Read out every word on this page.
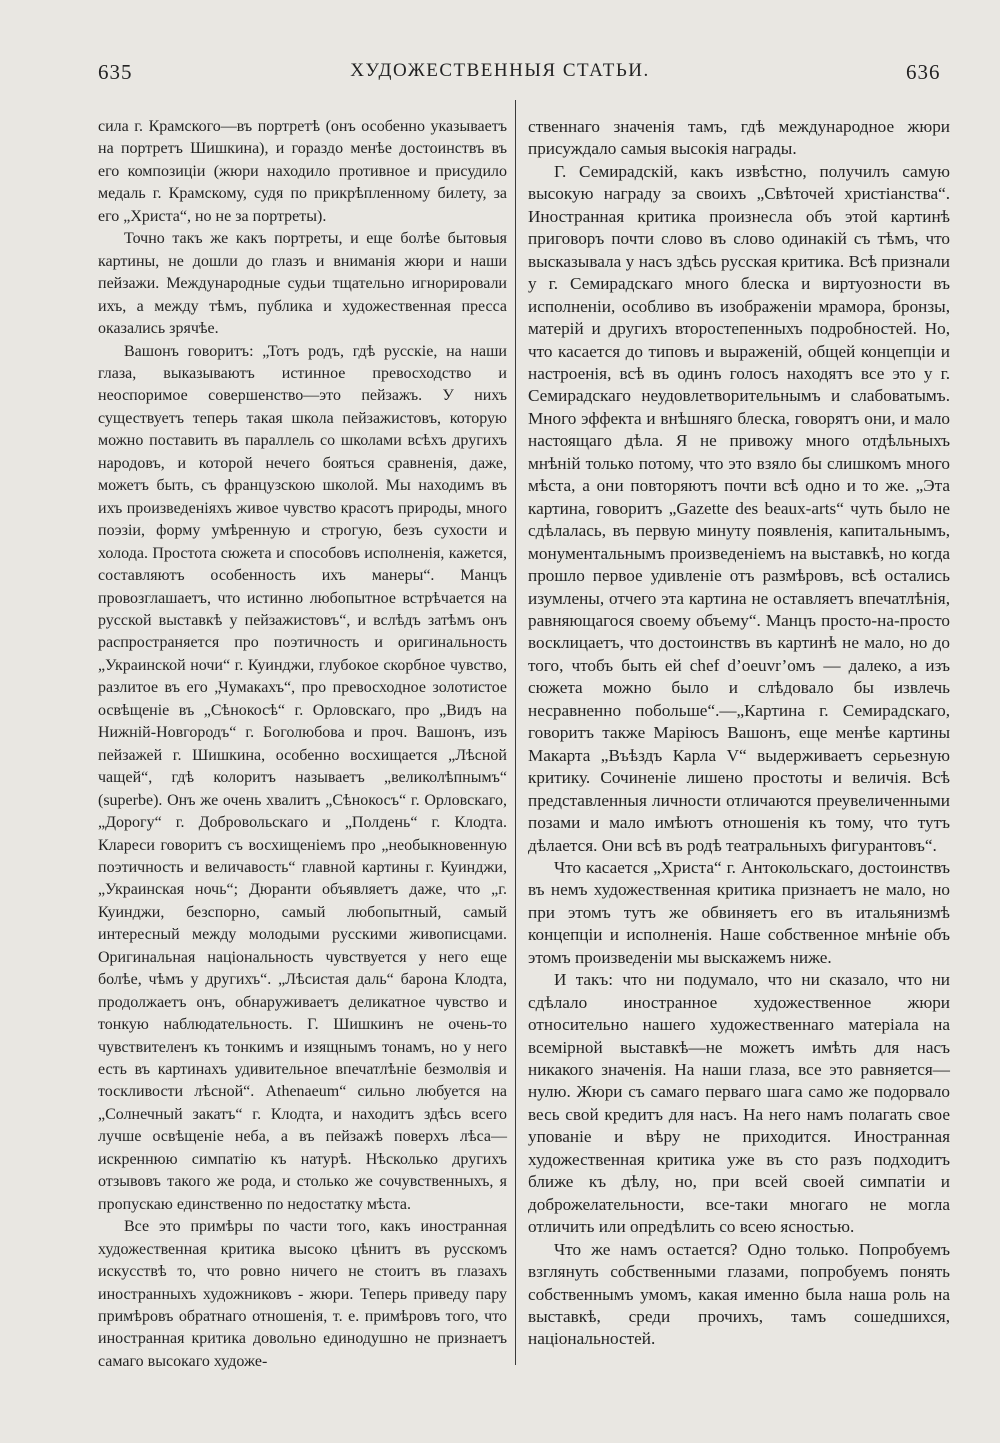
635	ХУДОЖЕСТВЕННЫЯ СТАТЬИ.	636

сила г. Крамского—въ портретѣ (онъ особенно указываетъ на портретъ Шишкина), и гораздо менѣе достоинствъ въ его композиціи (жюри находило противное и присудило медаль г. Крамскому, судя по прикрѣпленному билету, за его „Христа“, но не за портреты).

Точно такъ же какъ портреты, и еще болѣе бытовыя картины, не дошли до глазъ и вниманія жюри и наши пейзажи. Международные судьи тщательно игнорировали ихъ, а между тѣмъ, публика и художественная пресса оказались зрячѣе.

Вашонъ говоритъ: „Тотъ родъ, гдѣ русскіе, на наши глаза, выказываютъ истинное превосходство и неоспоримое совершенство—это пейзажъ. У нихъ существуетъ теперь такая школа пейзажистовъ, которую можно поставить въ параллель со школами всѣхъ другихъ народовъ, и которой нечего бояться сравненія, даже, можетъ быть, съ французскою школой. Мы находимъ въ ихъ произведеніяхъ живое чувство красотъ природы, много поэзіи, форму умѣренную и строгую, безъ сухости и холода. Простота сюжета и способовъ исполненія, кажется, составляютъ особенность ихъ манеры“. Манцъ провозглашаетъ, что истинно любопытное встрѣчается на русской выставкѣ у пейзажистовъ“, и вслѣдъ затѣмъ онъ распространяется про поэтичность и оригинальность „Украинской ночи“ г. Куинджи, глубокое скорбное чувство, разлитое въ его „Чумакахъ“, про превосходное золотистое освѣщеніе въ „Сѣнокосѣ“ г. Орловскаго, про „Видъ на Нижній-Новгородъ“ г. Боголюбова и проч. Вашонъ, изъ пейзажей г. Шишкина, особенно восхищается „Лѣсной чащей“, гдѣ колоритъ называетъ „великолѣпнымъ“ (superbe). Онъ же очень хвалитъ „Сѣнокосъ“ г. Орловскаго, „Дорогу“ г. Добровольскаго и „Полдень“ г. Клодта. Клареси говоритъ съ восхищеніемъ про „необыкновенную поэтичность и величавость“ главной картины г. Куинджи, „Украинская ночь“; Дюранти объявляетъ даже, что „г. Куинджи, безспорно, самый любопытный, самый интересный между молодыми русскими живописцами. Оригинальная національность чувствуется у него еще болѣе, чѣмъ у другихъ“. „Лѣсистая даль“ барона Клодта, продолжаетъ онъ, обнаруживаетъ деликатное чувство и тонкую наблюдательность. Г. Шишкинъ не очень-то чувствителенъ къ тонкимъ и изящнымъ тонамъ, но у него есть въ картинахъ удивительное впечатлѣніе безмолвія и тоскливости лѣсной“. Athenaeum“ сильно любуется на „Солнечный закатъ“ г. Клодта, и находитъ здѣсь всего лучше освѣщеніе неба, а въ пейзажѣ поверхъ лѣса—искреннюю симпатію къ натурѣ. Нѣсколько другихъ отзывовъ такого же рода, и столько же сочувственныхъ, я пропускаю единственно по недостатку мѣста.

Все это примѣры по части того, какъ иностранная художественная критика высоко цѣнитъ въ русскомъ искусствѣ то, что ровно ничего не стоитъ въ глазахъ иностранныхъ художниковъ - жюри. Теперь приведу пару примѣровъ обратнаго отношенія, т. е. примѣровъ того, что иностранная критика довольно единодушно не признаетъ самаго высокаго художе-

ственнаго значенія тамъ, гдѣ международное жюри присуждало самыя высокія награды.

Г. Семирадскій, какъ извѣстно, получилъ самую высокую награду за своихъ „Свѣточей христіанства“. Иностранная критика произнесла объ этой картинѣ приговоръ почти слово въ слово одинакій съ тѣмъ, что высказывала у насъ здѣсь русская критика. Всѣ признали у г. Семирадскаго много блеска и виртуозности въ исполненіи, особливо въ изображеніи мрамора, бронзы, матерій и другихъ второстепенныхъ подробностей. Но, что касается до типовъ и выраженій, общей концепціи и настроенія, всѣ въ одинъ голосъ находятъ все это у г. Семирадскаго неудовлетворительнымъ и слабоватымъ. Много эффекта и внѣшняго блеска, говорятъ они, и мало настоящаго дѣла. Я не привожу много отдѣльныхъ мнѣній только потому, что это взяло бы слишкомъ много мѣста, а они повторяютъ почти всѣ одно и то же. „Эта картина, говоритъ „Gazette des beaux-arts“ чуть было не сдѣлалась, въ первую минуту появленія, капитальнымъ, монументальнымъ произведеніемъ на выставкѣ, но когда прошло первое удивленіе отъ размѣровъ, всѣ остались изумлены, отчего эта картина не оставляетъ впечатлѣнія, равняющагося своему объему“. Манцъ просто-на-просто восклицаетъ, что достоинствъ въ картинѣ не мало, но до того, чтобъ быть ей chef d’oeuvr’омъ — далеко, а изъ сюжета можно было и слѣдовало бы извлечь несравненно побольше“.—„Картина г. Семирадскаго, говоритъ также Маріюсъ Вашонъ, еще менѣе картины Макарта „Въѣздъ Карла V“ выдерживаетъ серьезную критику. Сочиненіе лишено простоты и величія. Всѣ представленныя личности отличаются преувеличенными позами и мало имѣютъ отношенія къ тому, что тутъ дѣлается. Они всѣ въ родѣ театральныхъ фигурантовъ“.

Что касается „Христа“ г. Антокольскаго, достоинствъ въ немъ художественная критика признаетъ не мало, но при этомъ тутъ же обвиняетъ его въ итальянизмѣ концепціи и исполненія. Наше собственное мнѣніе объ этомъ произведеніи мы выскажемъ ниже.

И такъ: что ни подумало, что ни сказало, что ни сдѣлало иностранное художественное жюри относительно нашего художественнаго матеріала на всемірной выставкѣ—не можетъ имѣть для насъ никакого значенія. На наши глаза, все это равняется—нулю. Жюри съ самаго перваго шага само же подорвало весь свой кредитъ для насъ. На него намъ полагать свое упованіе и вѣру не приходится. Иностранная художественная критика уже въ сто разъ подходитъ ближе къ дѣлу, но, при всей своей симпатіи и доброжелательности, все-таки многаго не могла отличить или опредѣлить со всею ясностью.

Что же намъ остается? Одно только. Попробуемъ взглянуть собственными глазами, попробуемъ понять собственнымъ умомъ, какая именно была наша роль на выставкѣ, среди прочихъ, тамъ сошедшихся, національностей.
